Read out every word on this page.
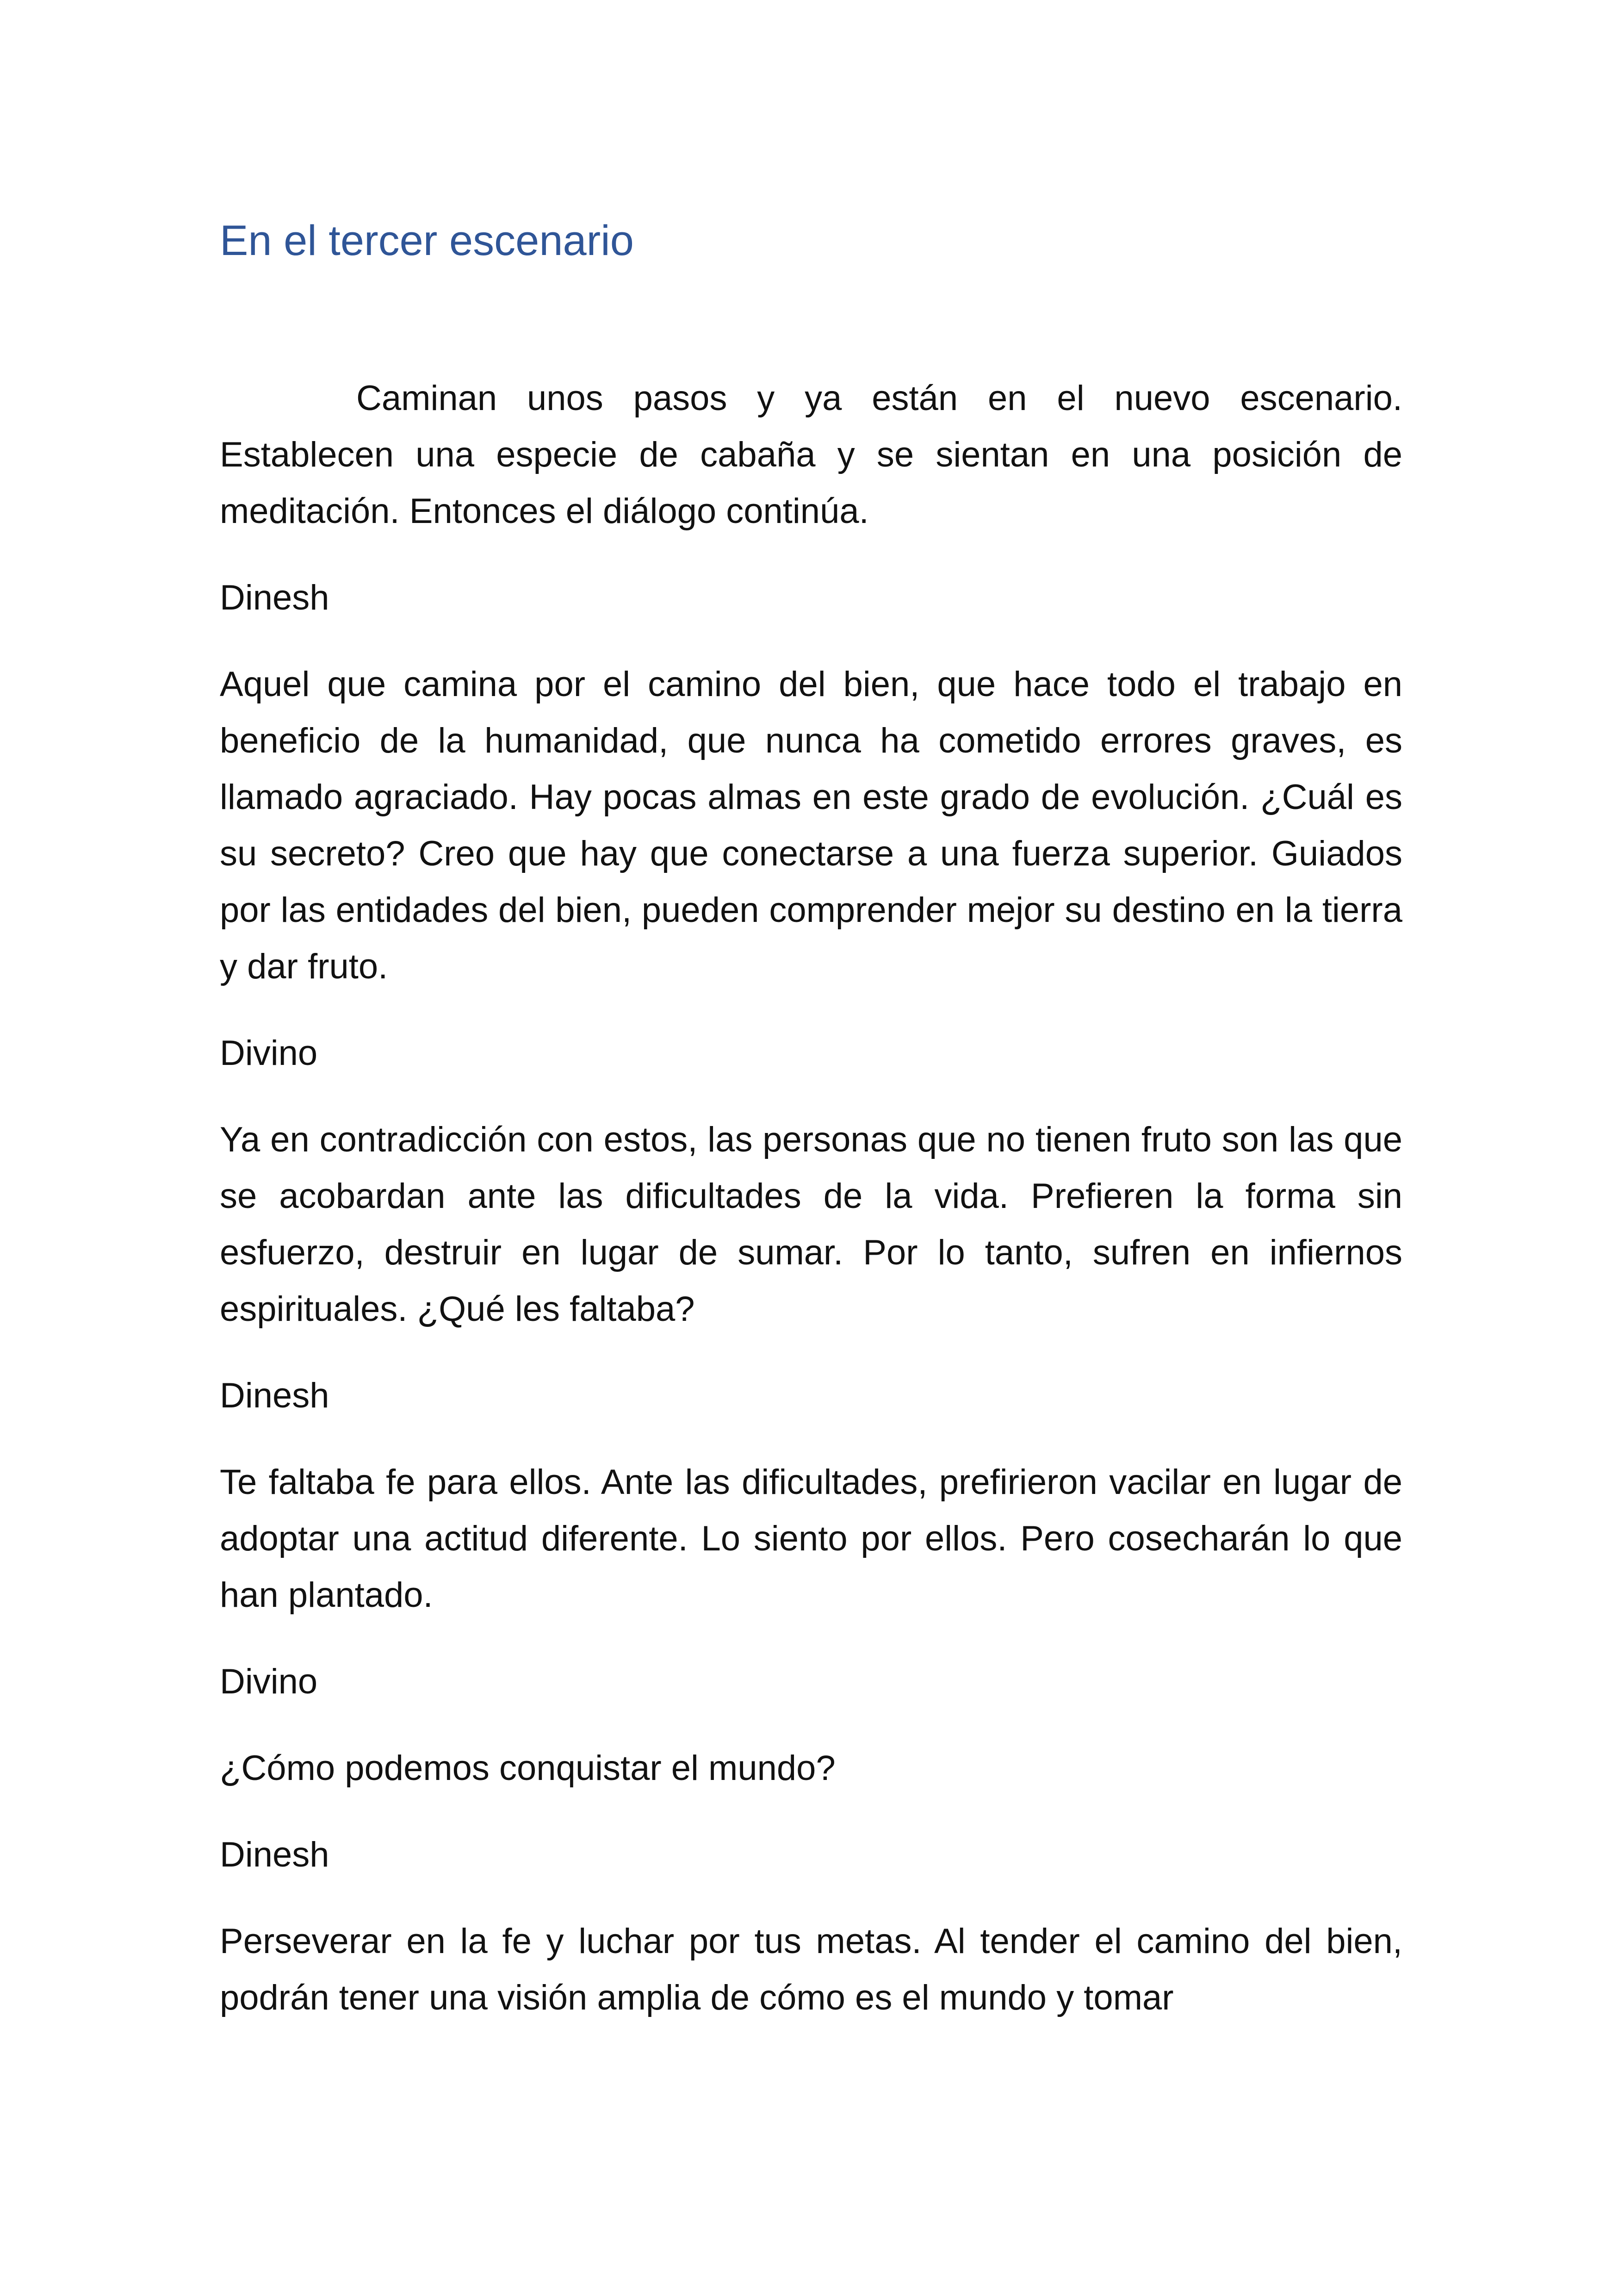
En el tercer escenario

Caminan unos pasos y ya están en el nuevo escenario. Establecen una especie de cabaña y se sientan en una posición de meditación. Entonces el diálogo continúa.

Dinesh

Aquel que camina por el camino del bien, que hace todo el trabajo en beneficio de la humanidad, que nunca ha cometido errores graves, es llamado agraciado. Hay pocas almas en este grado de evolución. ¿Cuál es su secreto? Creo que hay que conectarse a una fuerza superior. Guiados por las entidades del bien, pueden comprender mejor su destino en la tierra y dar fruto.

Divino

Ya en contradicción con estos, las personas que no tienen fruto son las que se acobardan ante las dificultades de la vida. Prefieren la forma sin esfuerzo, destruir en lugar de sumar. Por lo tanto, sufren en infiernos espirituales. ¿Qué les faltaba?

Dinesh

Te faltaba fe para ellos. Ante las dificultades, prefirieron vacilar en lugar de adoptar una actitud diferente. Lo siento por ellos. Pero cosecharán lo que han plantado.

Divino

¿Cómo podemos conquistar el mundo?

Dinesh

Perseverar en la fe y luchar por tus metas. Al tender el camino del bien, podrán tener una visión amplia de cómo es el mundo y tomar
